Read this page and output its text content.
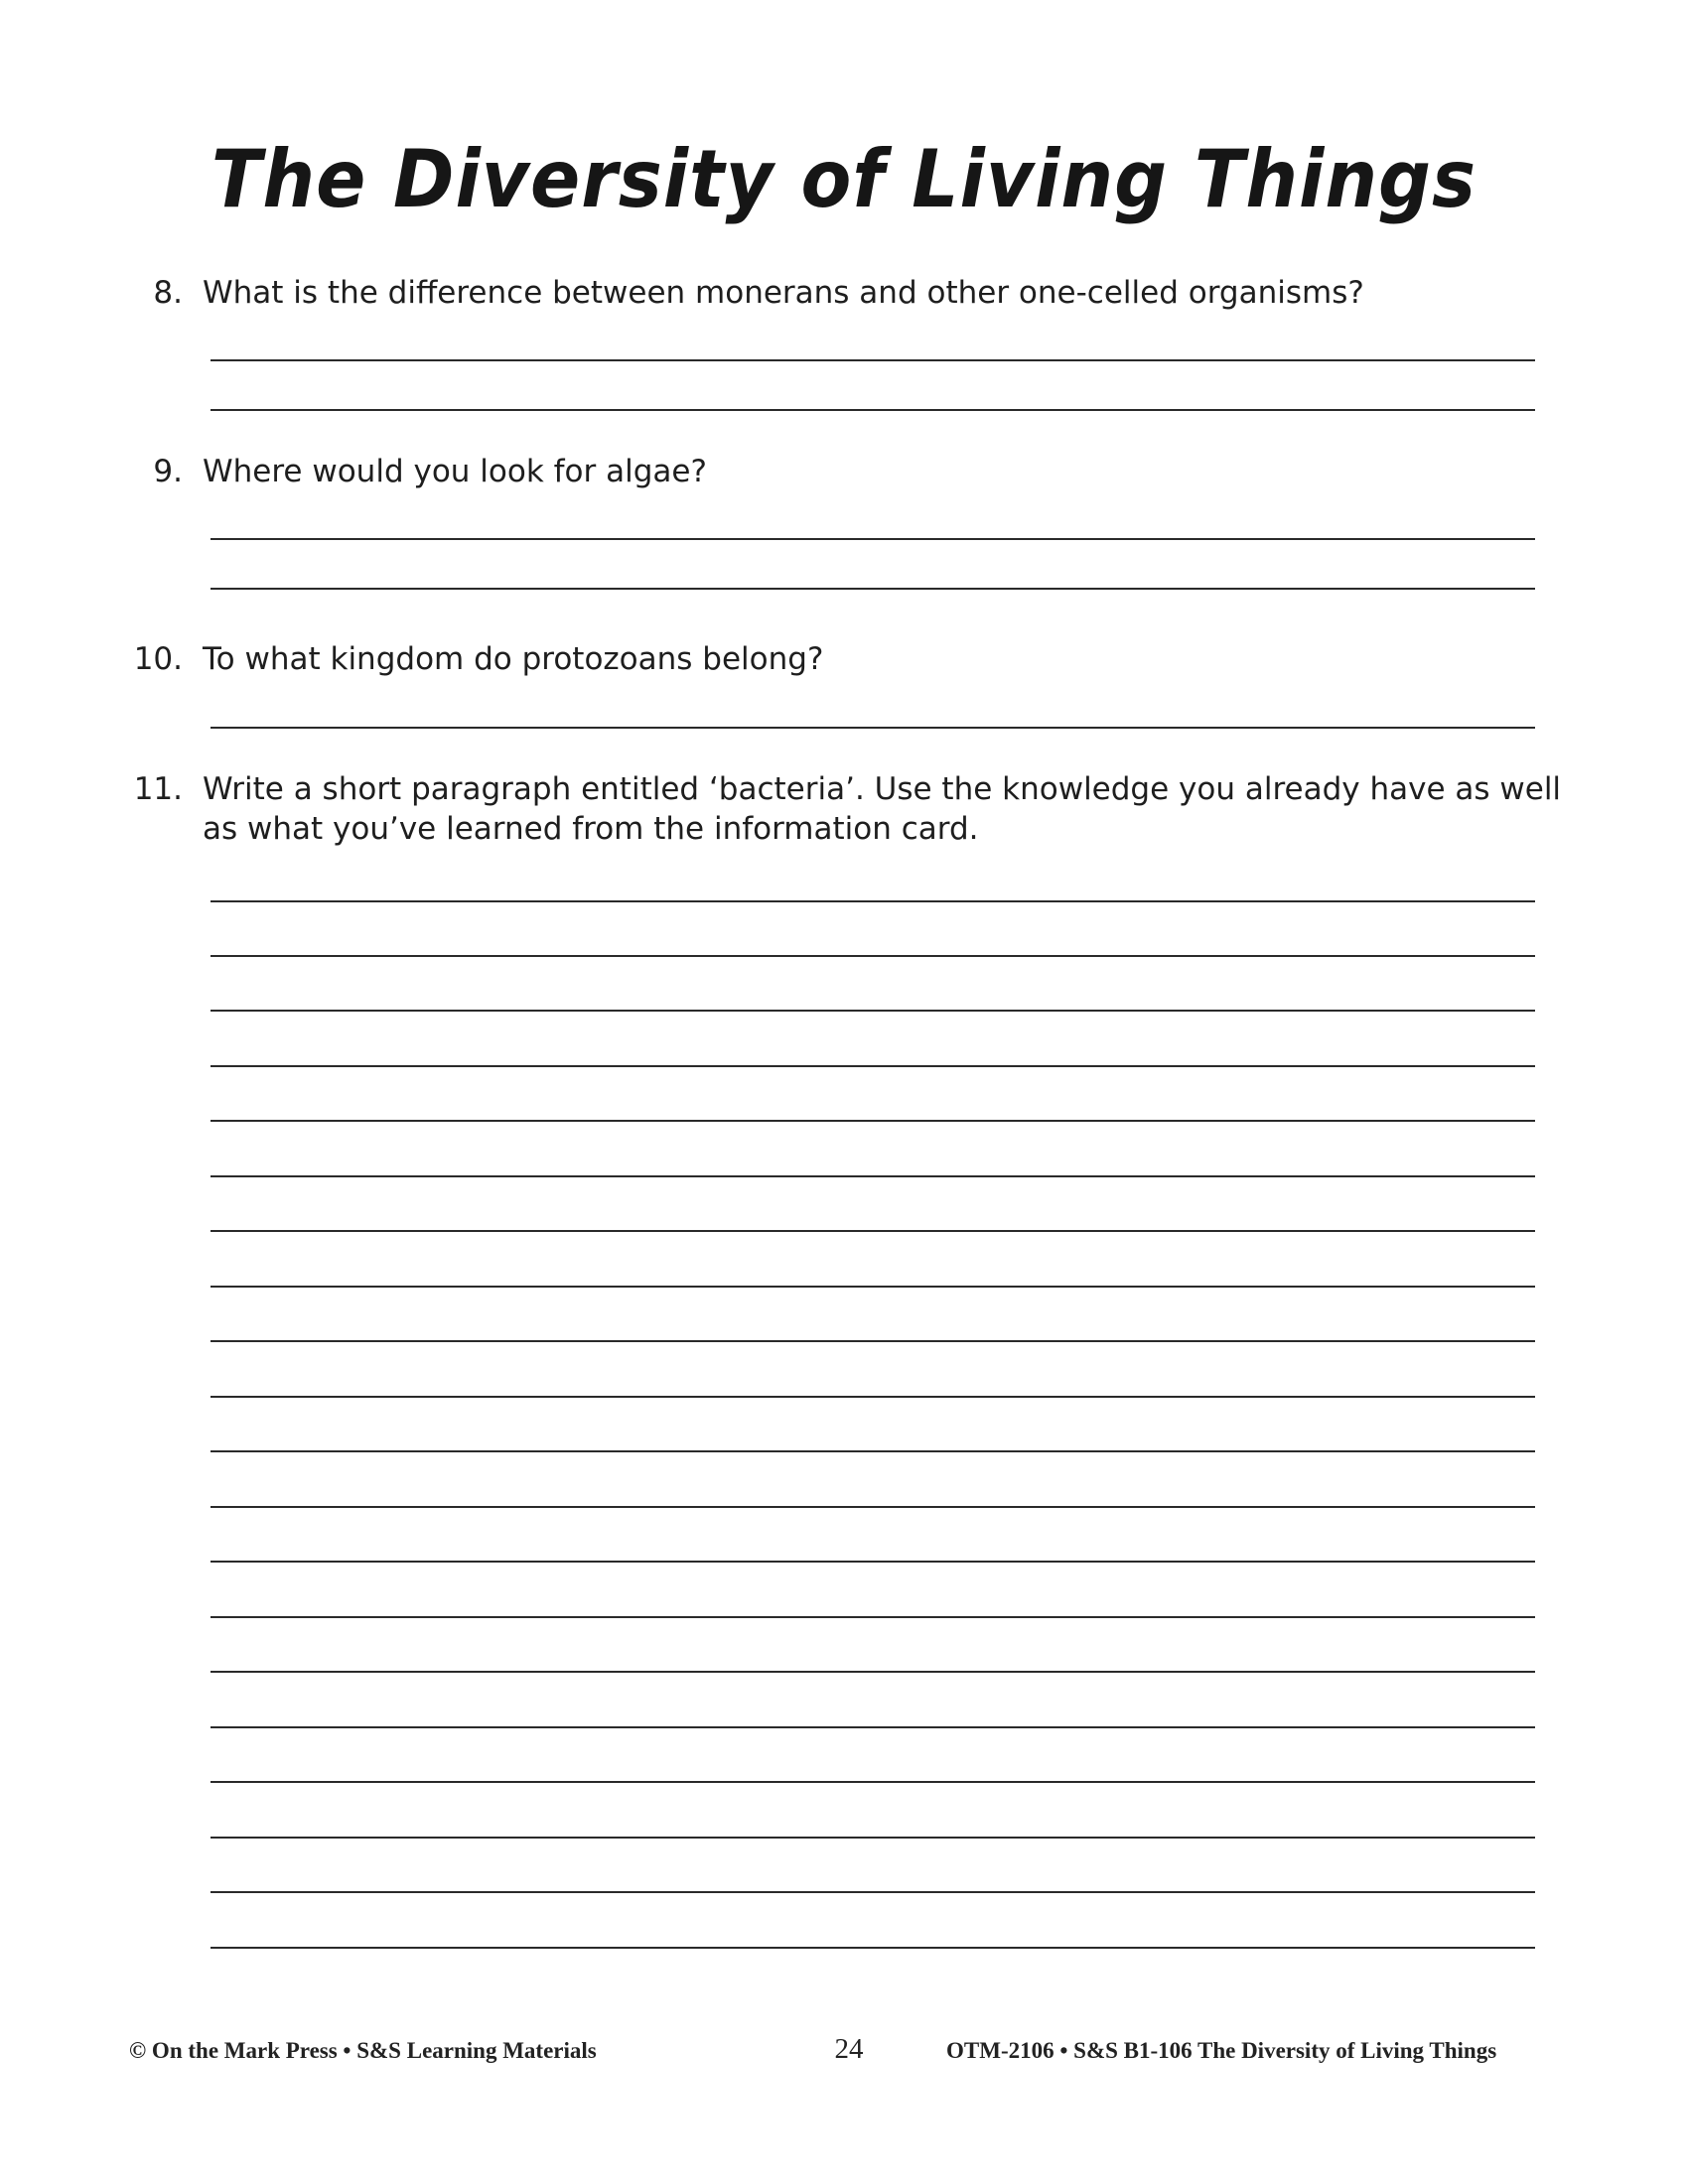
The Diversity of Living Things
8. What is the difference between monerans and other one-celled organisms?
9. Where would you look for algae?
10. To what kingdom do protozoans belong?
11. Write a short paragraph entitled ‘bacteria’. Use the knowledge you already have as well as what you’ve learned from the information card.
© On the Mark Press • S&S Learning Materials	24	OTM-2106 • S&S B1-106 The Diversity of Living Things
